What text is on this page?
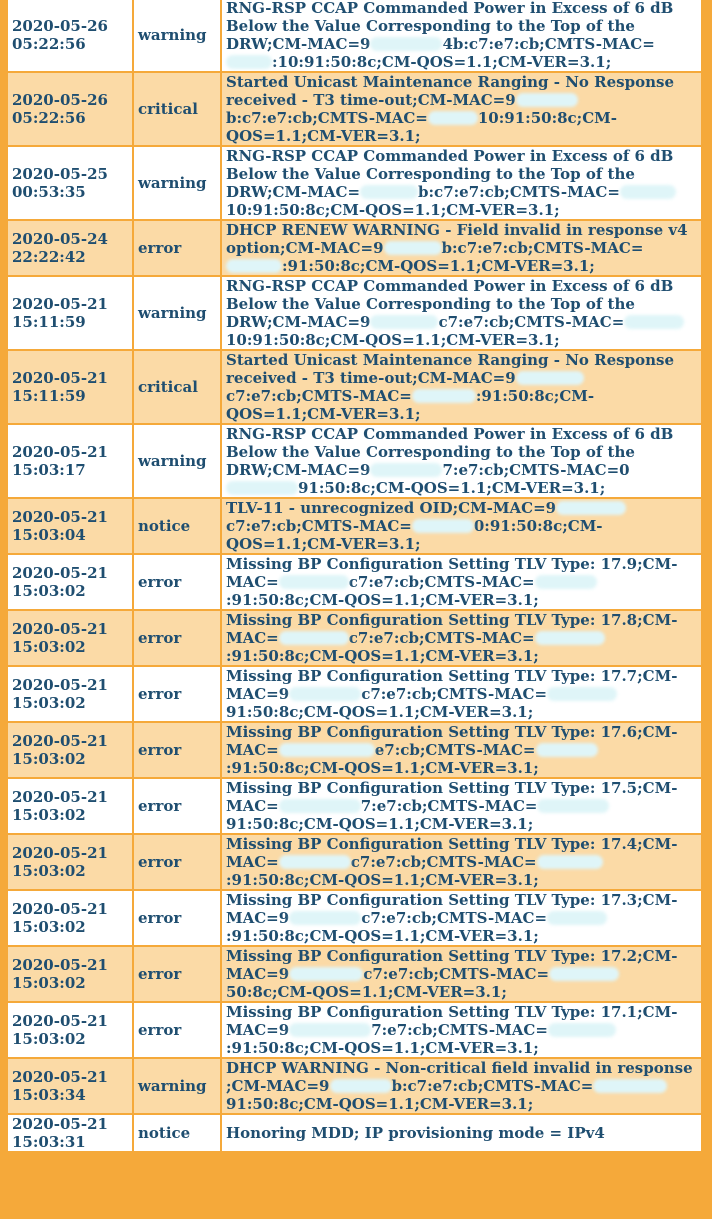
2020-05-26 05:22:56	warning	RNG-RSP CCAP Commanded Power in Excess of 6 dB Below the Value Corresponding to the Top of the DRW;CM-MAC=9 4b:c7:e7:cb;CMTS-MAC=:10:91:50:8c;CM-QOS=1.1;CM-VER=3.1;

2020-05-26 05:22:56	critical	Started Unicast Maintenance Ranging - No Response received - T3 time-out;CM-MAC=9b:c7:e7:cb;CMTS-MAC= 10:91:50:8c;CM-QOS=1.1;CM-VER=3.1;

2020-05-25 00:53:35	warning	RNG-RSP CCAP Commanded Power in Excess of 6 dB Below the Value Corresponding to the Top of the DRW;CM-MAC= b:c7:e7:cb;CMTS-MAC=10:91:50:8c;CM-QOS=1.1;CM-VER=3.1;

2020-05-24 22:22:42	error	DHCP RENEW WARNING - Field invalid in response v4 option;CM-MAC=9 b:c7:e7:cb;CMTS-MAC=:91:50:8c;CM-QOS=1.1;CM-VER=3.1;

2020-05-21 15:11:59	warning	RNG-RSP CCAP Commanded Power in Excess of 6 dB Below the Value Corresponding to the Top of the DRW;CM-MAC=9 c7:e7:cb;CMTS-MAC=10:91:50:8c;CM-QOS=1.1;CM-VER=3.1;

2020-05-21 15:11:59	critical	Started Unicast Maintenance Ranging - No Response received - T3 time-out;CM-MAC=9c7:e7:cb;CMTS-MAC= :91:50:8c;CM-QOS=1.1;CM-VER=3.1;

2020-05-21 15:03:17	warning	RNG-RSP CCAP Commanded Power in Excess of 6 dB Below the Value Corresponding to the Top of the DRW;CM-MAC=9 7:e7:cb;CMTS-MAC=091:50:8c;CM-QOS=1.1;CM-VER=3.1;

2020-05-21 15:03:04	notice	TLV-11 - unrecognized OID;CM-MAC=9c7:e7:cb;CMTS-MAC= 0:91:50:8c;CM-QOS=1.1;CM-VER=3.1;

2020-05-21 15:03:02	error	Missing BP Configuration Setting TLV Type: 17.9;CM-MAC= c7:e7:cb;CMTS-MAC=:91:50:8c;CM-QOS=1.1;CM-VER=3.1;

2020-05-21 15:03:02	error	Missing BP Configuration Setting TLV Type: 17.8;CM-MAC= c7:e7:cb;CMTS-MAC=:91:50:8c;CM-QOS=1.1;CM-VER=3.1;

2020-05-21 15:03:02	error	Missing BP Configuration Setting TLV Type: 17.7;CM-MAC=9 c7:e7:cb;CMTS-MAC=91:50:8c;CM-QOS=1.1;CM-VER=3.1;

2020-05-21 15:03:02	error	Missing BP Configuration Setting TLV Type: 17.6;CM-MAC= e7:cb;CMTS-MAC=:91:50:8c;CM-QOS=1.1;CM-VER=3.1;

2020-05-21 15:03:02	error	Missing BP Configuration Setting TLV Type: 17.5;CM-MAC= 7:e7:cb;CMTS-MAC=91:50:8c;CM-QOS=1.1;CM-VER=3.1;

2020-05-21 15:03:02	error	Missing BP Configuration Setting TLV Type: 17.4;CM-MAC= c7:e7:cb;CMTS-MAC=:91:50:8c;CM-QOS=1.1;CM-VER=3.1;

2020-05-21 15:03:02	error	Missing BP Configuration Setting TLV Type: 17.3;CM-MAC=9 c7:e7:cb;CMTS-MAC=:91:50:8c;CM-QOS=1.1;CM-VER=3.1;

2020-05-21 15:03:02	error	Missing BP Configuration Setting TLV Type: 17.2;CM-MAC=9 c7:e7:cb;CMTS-MAC=50:8c;CM-QOS=1.1;CM-VER=3.1;

2020-05-21 15:03:02	error	Missing BP Configuration Setting TLV Type: 17.1;CM-MAC=9 7:e7:cb;CMTS-MAC=:91:50:8c;CM-QOS=1.1;CM-VER=3.1;

2020-05-21 15:03:34	warning	DHCP WARNING - Non-critical field invalid in response ;CM-MAC=9 b:c7:e7:cb;CMTS-MAC=91:50:8c;CM-QOS=1.1;CM-VER=3.1;

2020-05-21 15:03:31	notice	Honoring MDD; IP provisioning mode = IPv4
